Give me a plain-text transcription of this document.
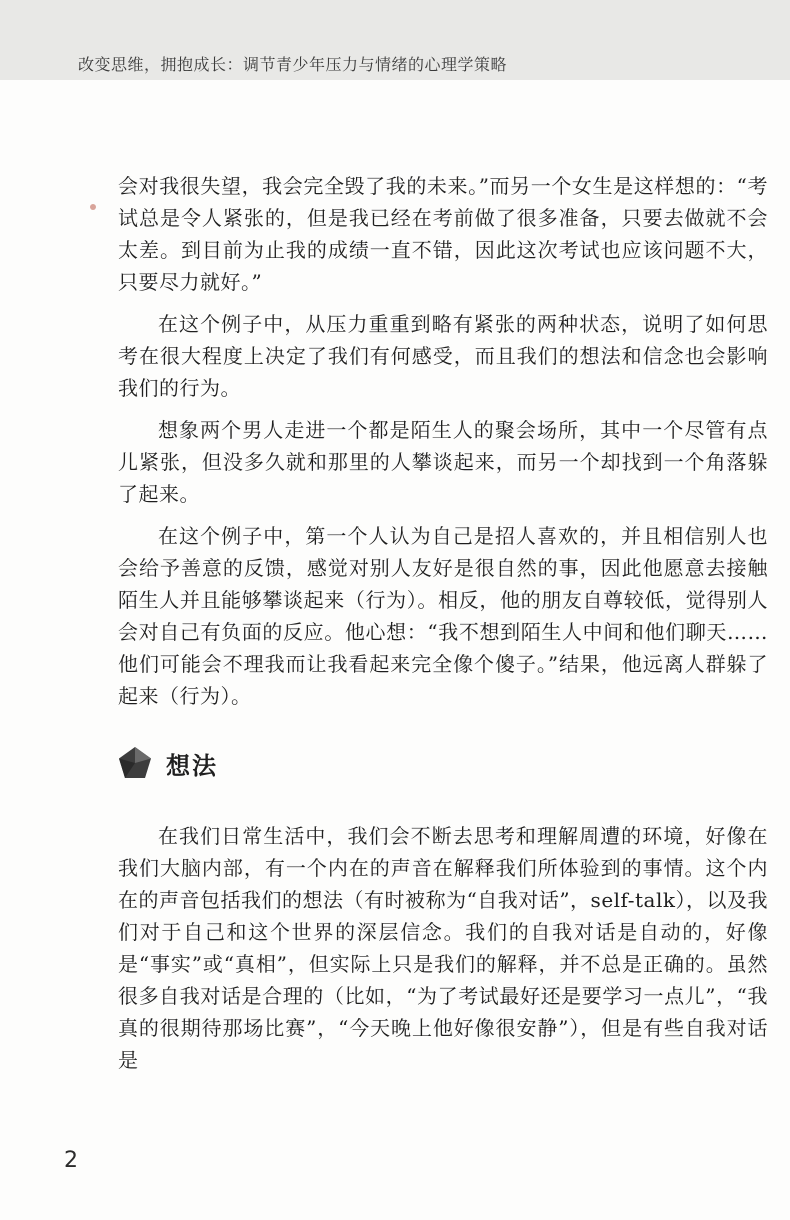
改变思维，拥抱成长：调节青少年压力与情绪的心理学策略

会对我很失望，我会完全毁了我的未来。”而另一个女生是这样想的：“考试总是令人紧张的，但是我已经在考前做了很多准备，只要去做就不会太差。到目前为止我的成绩一直不错，因此这次考试也应该问题不大，只要尽力就好。”

在这个例子中，从压力重重到略有紧张的两种状态，说明了如何思考在很大程度上决定了我们有何感受，而且我们的想法和信念也会影响我们的行为。

想象两个男人走进一个都是陌生人的聚会场所，其中一个尽管有点儿紧张，但没多久就和那里的人攀谈起来，而另一个却找到一个角落躲了起来。

在这个例子中，第一个人认为自己是招人喜欢的，并且相信别人也会给予善意的反馈，感觉对别人友好是很自然的事，因此他愿意去接触陌生人并且能够攀谈起来（行为）。相反，他的朋友自尊较低，觉得别人会对自己有负面的反应。他心想：“我不想到陌生人中间和他们聊天……他们可能会不理我而让我看起来完全像个傻子。”结果，他远离人群躲了起来（行为）。

想法

在我们日常生活中，我们会不断去思考和理解周遭的环境，好像在我们大脑内部，有一个内在的声音在解释我们所体验到的事情。这个内在的声音包括我们的想法（有时被称为“自我对话”，self-talk），以及我们对于自己和这个世界的深层信念。我们的自我对话是自动的，好像是“事实”或“真相”，但实际上只是我们的解释，并不总是正确的。虽然很多自我对话是合理的（比如，“为了考试最好还是要学习一点儿”，“我真的很期待那场比赛”，“今天晚上他好像很安静”），但是有些自我对话是

2
